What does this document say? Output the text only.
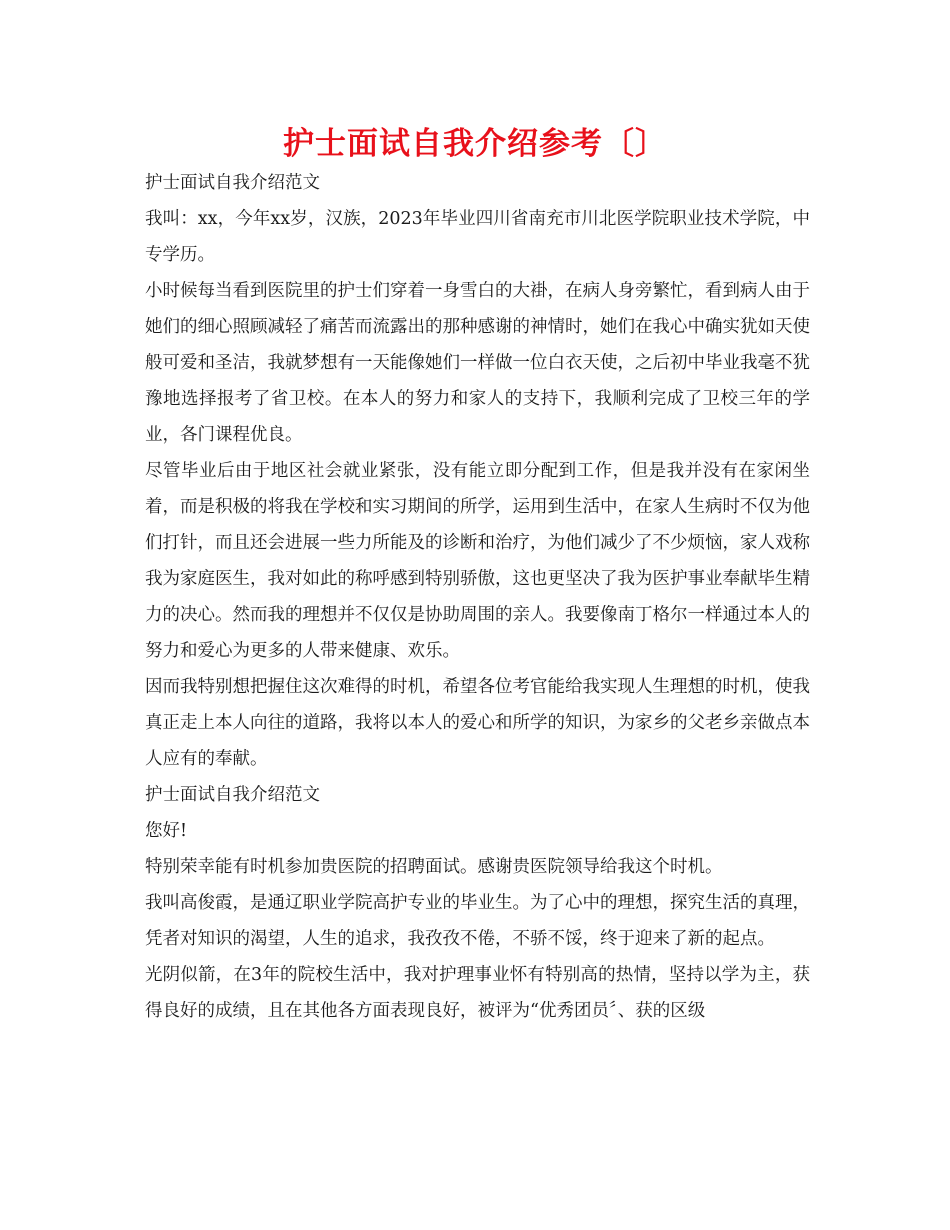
护士面试自我介绍参考〔〕

护士面试自我介绍范文

我叫：xx，今年xx岁，汉族，2023年毕业四川省南充市川北医学院职业技术学院，中专学历。

小时候每当看到医院里的护士们穿着一身雪白的大褂，在病人身旁繁忙，看到病人由于她们的细心照顾减轻了痛苦而流露出的那种感谢的神情时，她们在我心中确实犹如天使般可爱和圣洁，我就梦想有一天能像她们一样做一位白衣天使，之后初中毕业我毫不犹豫地选择报考了省卫校。在本人的努力和家人的支持下，我顺利完成了卫校三年的学业，各门课程优良。

尽管毕业后由于地区社会就业紧张，没有能立即分配到工作，但是我并没有在家闲坐着，而是积极的将我在学校和实习期间的所学，运用到生活中，在家人生病时不仅为他们打针，而且还会进展一些力所能及的诊断和治疗，为他们减少了不少烦恼，家人戏称我为家庭医生，我对如此的称呼感到特别骄傲，这也更坚决了我为医护事业奉献毕生精力的决心。然而我的理想并不仅仅是协助周围的亲人。我要像南丁格尔一样通过本人的努力和爱心为更多的人带来健康、欢乐。

因而我特别想把握住这次难得的时机，希望各位考官能给我实现人生理想的时机，使我真正走上本人向往的道路，我将以本人的爱心和所学的知识，为家乡的父老乡亲做点本人应有的奉献。

护士面试自我介绍范文

您好!

特别荣幸能有时机参加贵医院的招聘面试。感谢贵医院领导给我这个时机。

我叫高俊霞，是通辽职业学院高护专业的毕业生。为了心中的理想，探究生活的真理，凭者对知识的渴望，人生的追求，我孜孜不倦，不骄不馁，终于迎来了新的起点。

光阴似箭，在3年的院校生活中，我对护理事业怀有特别高的热情，坚持以学为主，获得良好的成绩，且在其他各方面表现良好，被评为“优秀团员〞、获的区级
